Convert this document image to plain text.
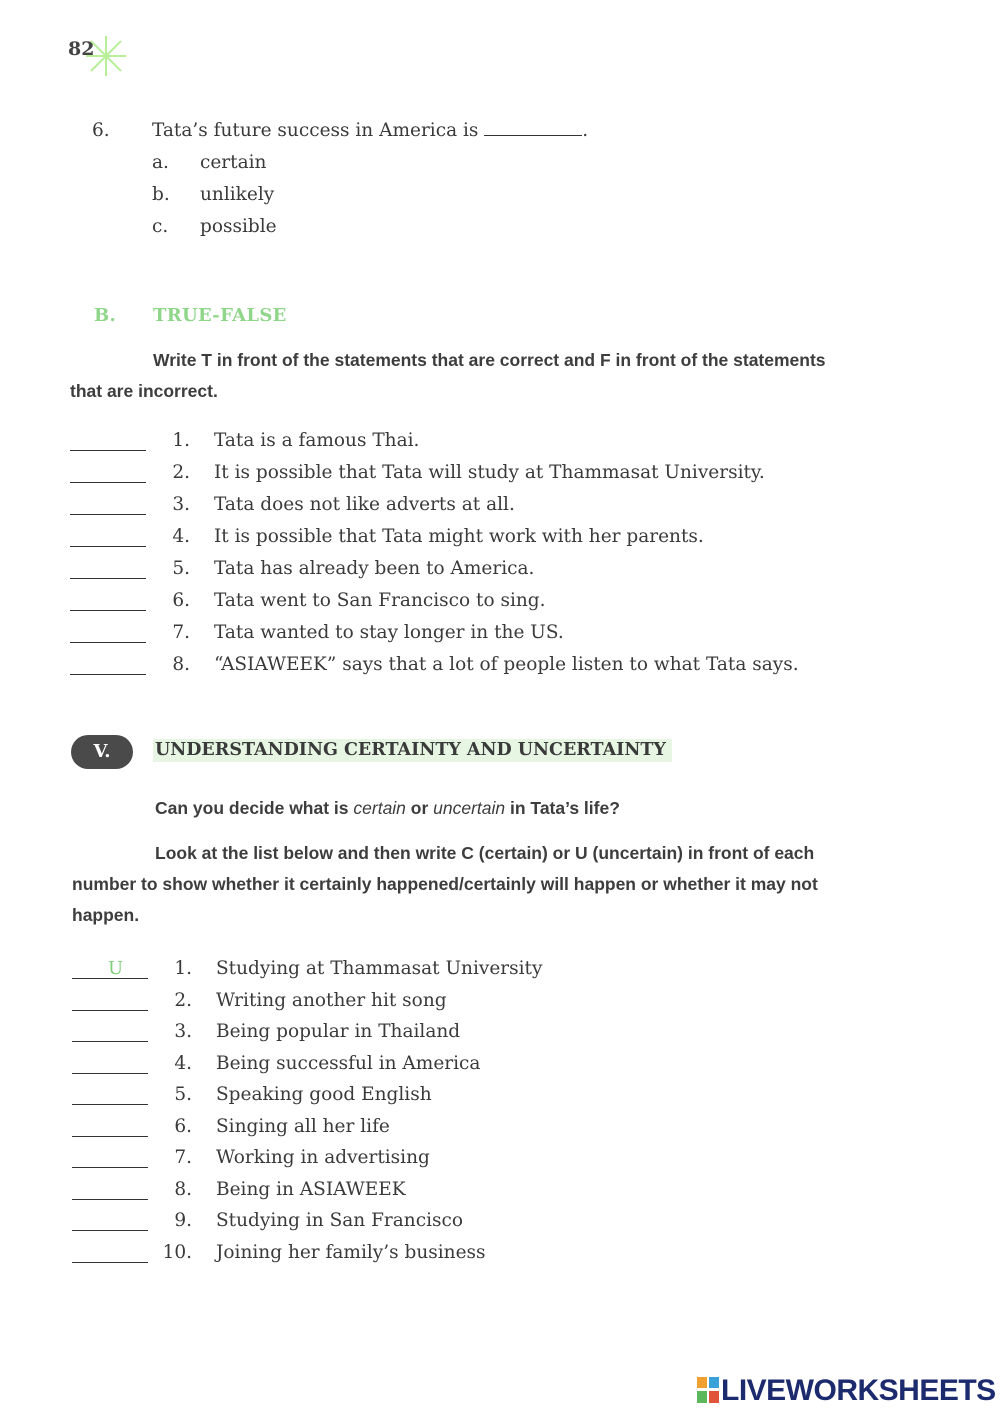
82
6. Tata’s future success in America is	.
a.	certain
b.	unlikely
c.	possible
B. TRUE-FALSE
Write T in front of the statements that are correct and F in front of the statements
that are incorrect.
1. Tata is a famous Thai.
2. It is possible that Tata will study at Thammasat University.
3. Tata does not like adverts at all.
4. It is possible that Tata might work with her parents.
5. Tata has already been to America.
6. Tata went to San Francisco to sing.
7. Tata wanted to stay longer in the US.
8. “ASIAWEEK” says that a lot of people listen to what Tata says.
V.	UNDERSTANDING CERTAINTY AND UNCERTAINTY
Can you decide what is certain or uncertain in Tata’s life?
Look at the list below and then write C (certain) or U (uncertain) in front of each
number to show whether it certainly happened/certainly will happen or whether it may not
happen.
U	1. Studying at Thammasat University
2. Writing another hit song
3. Being popular in Thailand
4. Being successful in America
5. Speaking good English
6. Singing all her life
7. Working in advertising
8. Being in ASIAWEEK
9. Studying in San Francisco
10. Joining her family’s business
LIVEWORKSHEETS
